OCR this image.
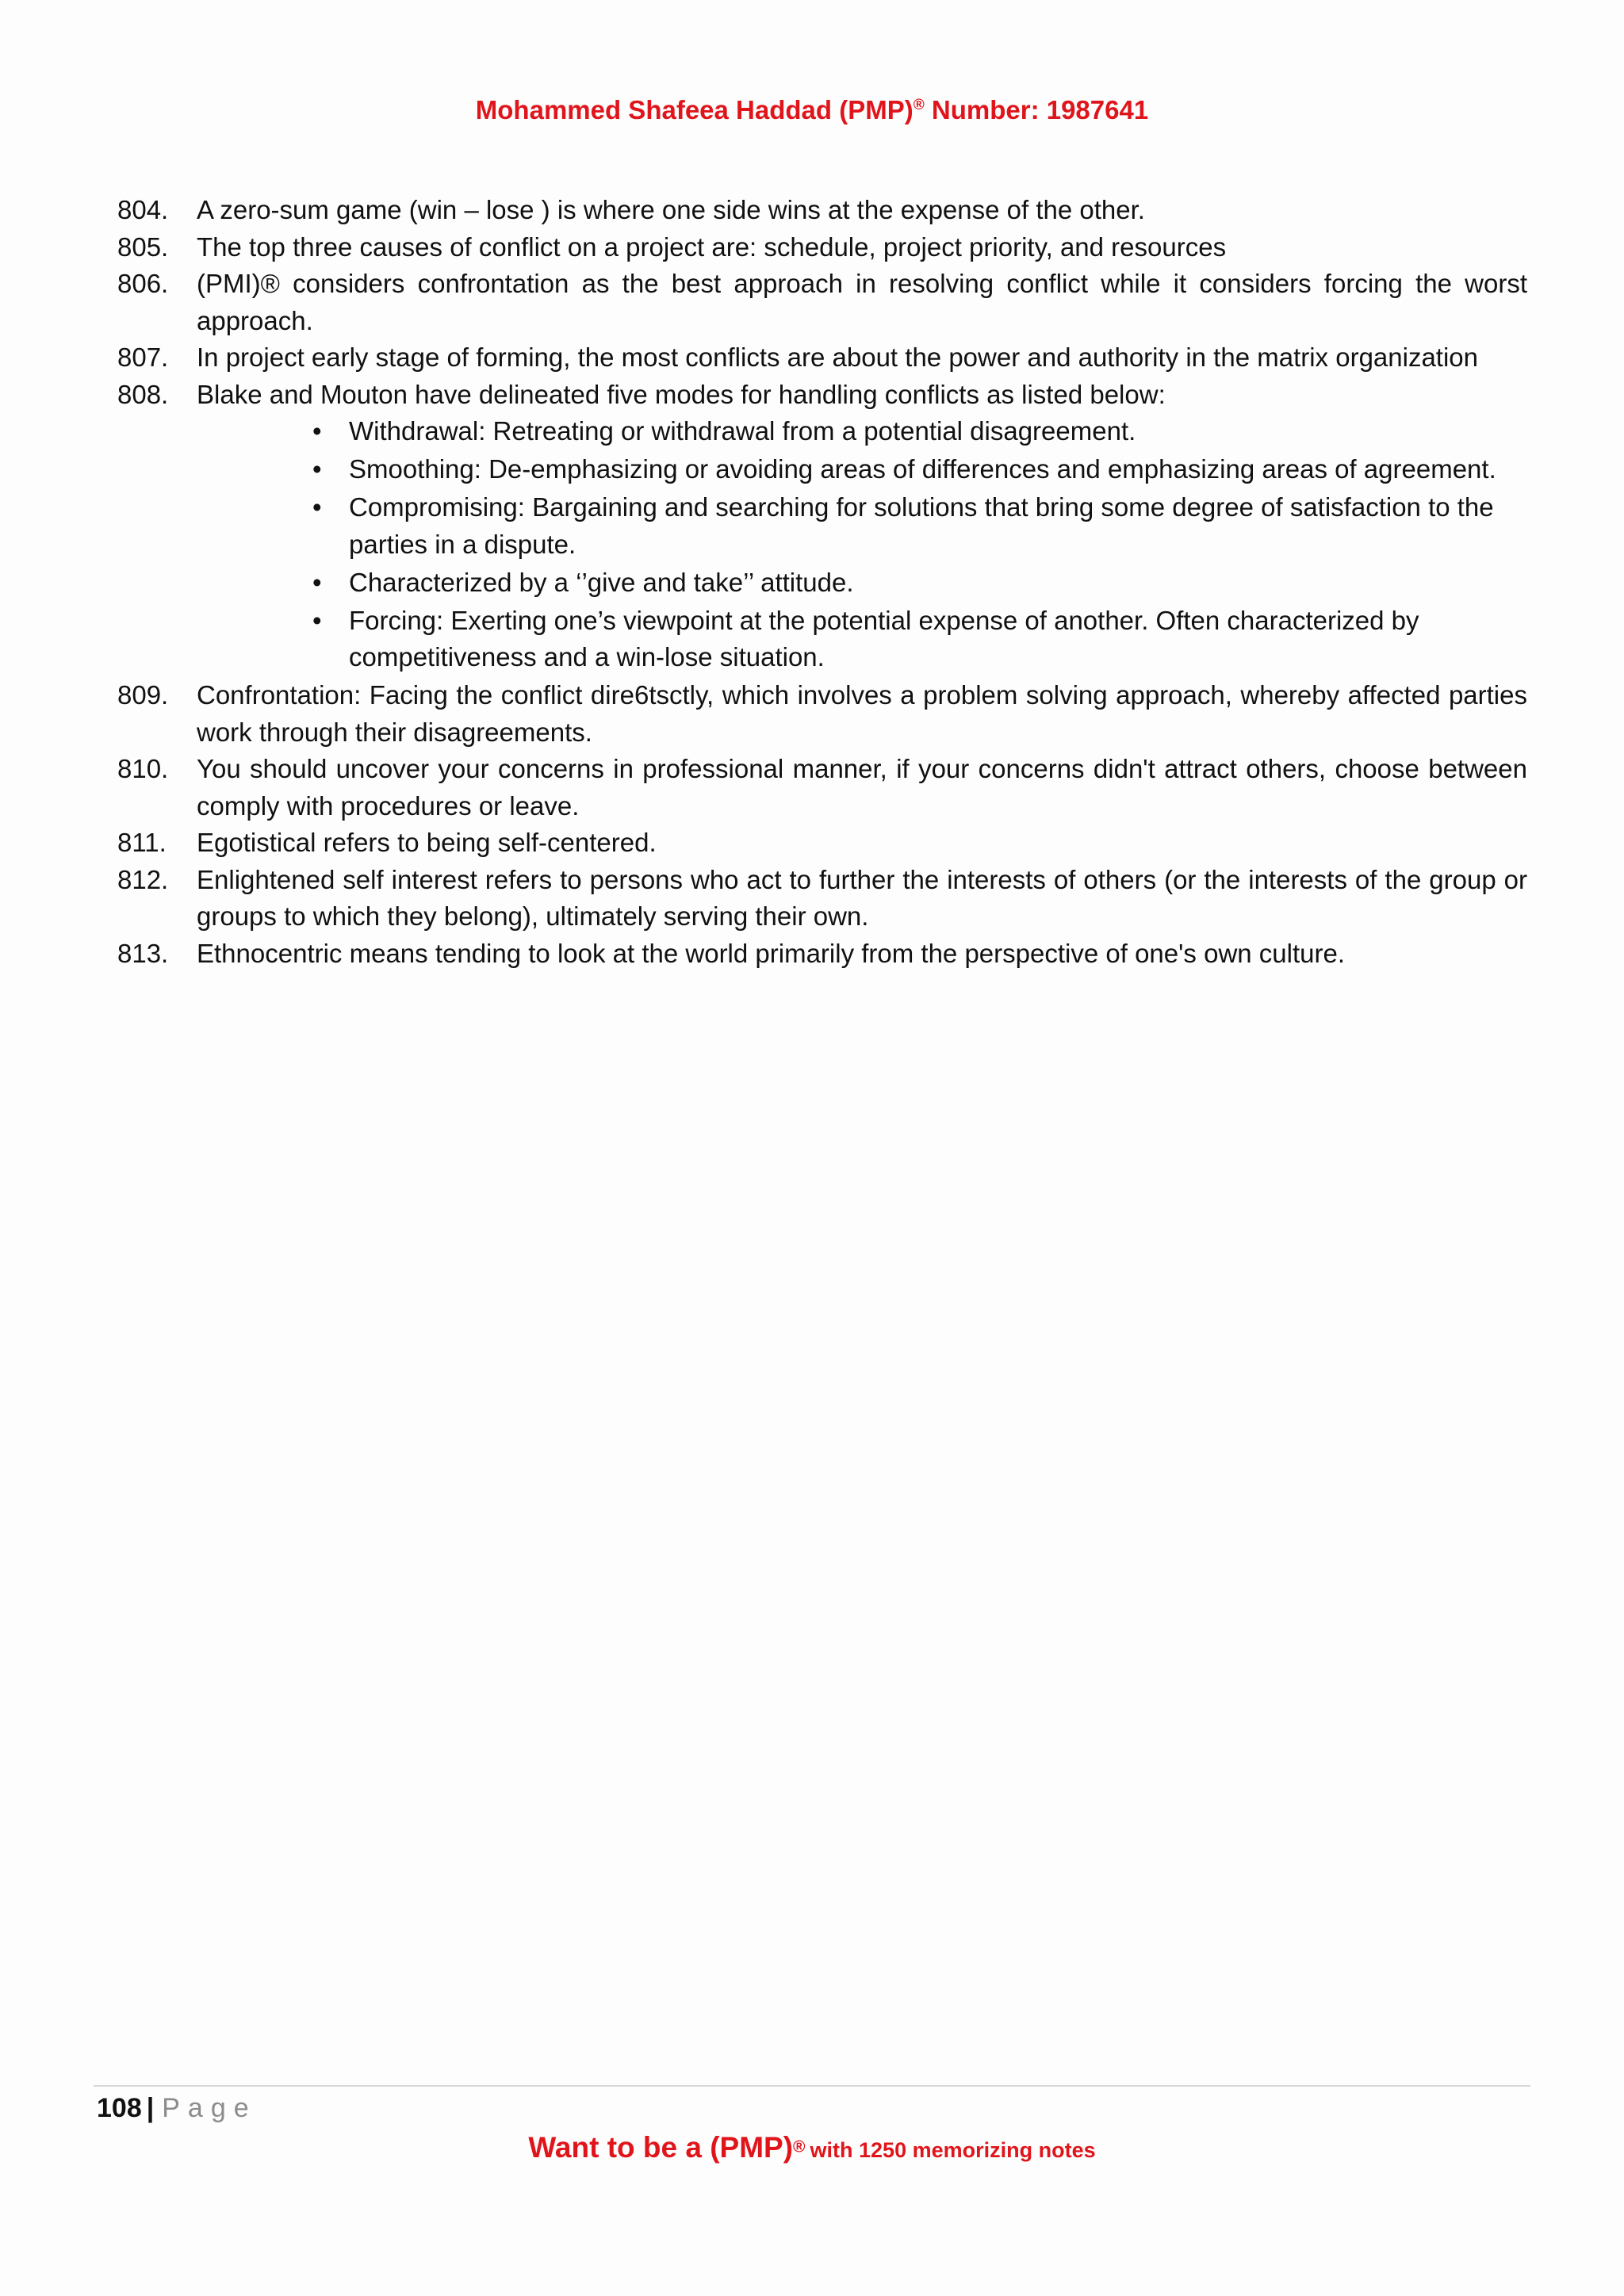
Mohammed Shafeea Haddad (PMP)® Number: 1987641
804.	A zero-sum game (win – lose ) is where one side wins at the expense of the other.
805.	The top three causes of conflict on a project are: schedule, project priority, and resources
806.	(PMI)® considers confrontation as the best approach in resolving conflict while it considers forcing the worst approach.
807.	In project early stage of forming, the most conflicts are about the power and authority in the matrix organization
808.	Blake and Mouton have delineated five modes for handling conflicts as listed below:
• Withdrawal: Retreating or withdrawal from a potential disagreement.
• Smoothing: De-emphasizing or avoiding areas of differences and emphasizing areas of agreement.
• Compromising: Bargaining and searching for solutions that bring some degree of satisfaction to the parties in a dispute.
• Characterized by a ‘’give and take’’ attitude.
• Forcing: Exerting one’s viewpoint at the potential expense of another. Often characterized by competitiveness and a win-lose situation.
809.	Confrontation: Facing the conflict dire6tsctly, which involves a problem solving approach, whereby affected parties work through their disagreements.
810.	You should uncover your concerns in professional manner, if your concerns didn't attract others, choose between comply with procedures or leave.
811.	Egotistical refers to being self-centered.
812.	Enlightened self interest refers to persons who act to further the interests of others (or the interests of the group or groups to which they belong), ultimately serving their own.
813.	Ethnocentric means tending to look at the world primarily from the perspective of one's own culture.
108 | Page
Want to be a (PMP)® with 1250 memorizing notes
